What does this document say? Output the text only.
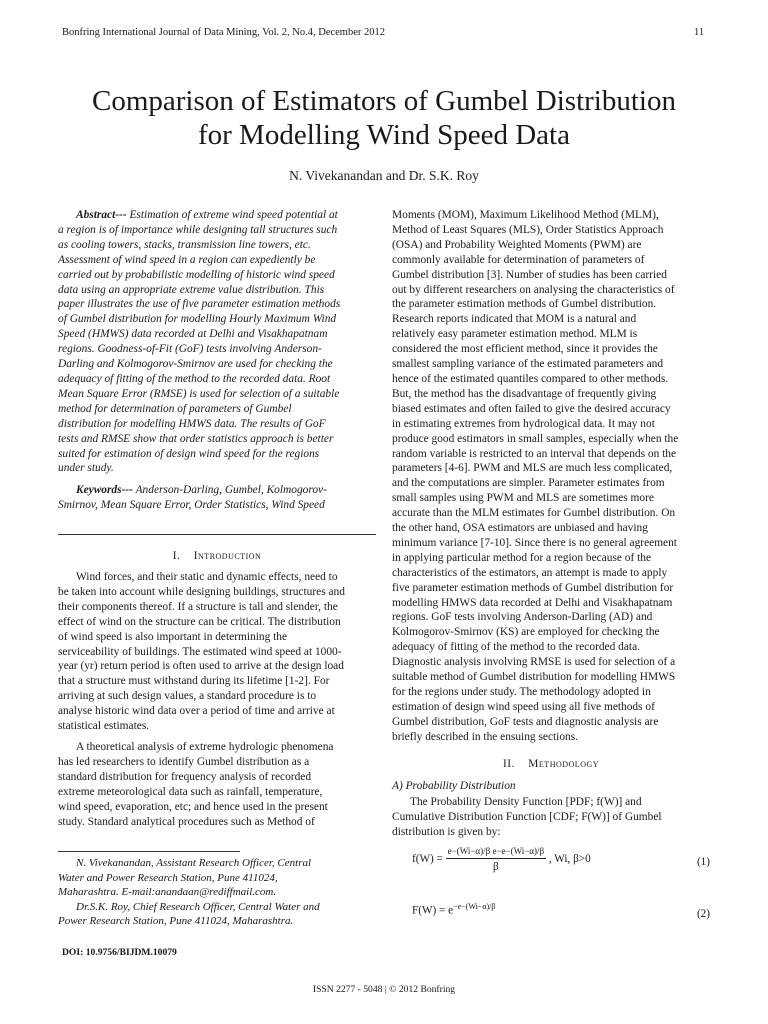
Bonfring International Journal of Data Mining, Vol. 2, No.4, December 2012	11
Comparison of Estimators of Gumbel Distribution
for Modelling Wind Speed Data
N. Vivekanandan and Dr. S.K. Roy
Abstract--- Estimation of extreme wind speed potential at
a region is of importance while designing tall structures such
as cooling towers, stacks, transmission line towers, etc.
Assessment of wind speed in a region can expediently be
carried out by probabilistic modelling of historic wind speed
data using an appropriate extreme value distribution. This
paper illustrates the use of five parameter estimation methods
of Gumbel distribution for modelling Hourly Maximum Wind
Speed (HMWS) data recorded at Delhi and Visakhapatnam
regions. Goodness-of-Fit (GoF) tests involving Anderson-
Darling and Kolmogorov-Smirnov are used for checking the
adequacy of fitting of the method to the recorded data. Root
Mean Square Error (RMSE) is used for selection of a suitable
method for determination of parameters of Gumbel
distribution for modelling HMWS data. The results of GoF
tests and RMSE show that order statistics approach is better
suited for estimation of design wind speed for the regions
under study.
Keywords--- Anderson-Darling, Gumbel, Kolmogorov-
Smirnov, Mean Square Error, Order Statistics, Wind Speed
I. Introduction
Wind forces, and their static and dynamic effects, need to
be taken into account while designing buildings, structures and
their components thereof. If a structure is tall and slender, the
effect of wind on the structure can be critical. The distribution
of wind speed is also important in determining the
serviceability of buildings. The estimated wind speed at 1000-
year (yr) return period is often used to arrive at the design load
that a structure must withstand during its lifetime [1-2]. For
arriving at such design values, a standard procedure is to
analyse historic wind data over a period of time and arrive at
statistical estimates.
A theoretical analysis of extreme hydrologic phenomena
has led researchers to identify Gumbel distribution as a
standard distribution for frequency analysis of recorded
extreme meteorological data such as rainfall, temperature,
wind speed, evaporation, etc; and hence used in the present
study. Standard analytical procedures such as Method of
N. Vivekanandan, Assistant Research Officer, Central
Water and Power Research Station, Pune 411024,
Maharashtra. E-mail:anandaan@rediffmail.com.
Dr.S.K. Roy, Chief Research Officer, Central Water and
Power Research Station, Pune 411024, Maharashtra.
DOI: 10.9756/BIJDM.10079
Moments (MOM), Maximum Likelihood Method (MLM),
Method of Least Squares (MLS), Order Statistics Approach
(OSA) and Probability Weighted Moments (PWM) are
commonly available for determination of parameters of
Gumbel distribution [3]. Number of studies has been carried
out by different researchers on analysing the characteristics of
the parameter estimation methods of Gumbel distribution.
Research reports indicated that MOM is a natural and
relatively easy parameter estimation method. MLM is
considered the most efficient method, since it provides the
smallest sampling variance of the estimated parameters and
hence of the estimated quantiles compared to other methods.
But, the method has the disadvantage of frequently giving
biased estimates and often failed to give the desired accuracy
in estimating extremes from hydrological data. It may not
produce good estimators in small samples, especially when the
random variable is restricted to an interval that depends on the
parameters [4-6]. PWM and MLS are much less complicated,
and the computations are simpler. Parameter estimates from
small samples using PWM and MLS are sometimes more
accurate than the MLM estimates for Gumbel distribution. On
the other hand, OSA estimators are unbiased and having
minimum variance [7-10]. Since there is no general agreement
in applying particular method for a region because of the
characteristics of the estimators, an attempt is made to apply
five parameter estimation methods of Gumbel distribution for
modelling HMWS data recorded at Delhi and Visakhapatnam
regions. GoF tests involving Anderson-Darling (AD) and
Kolmogorov-Smirnov (KS) are employed for checking the
adequacy of fitting of the method to the recorded data.
Diagnostic analysis involving RMSE is used for selection of a
suitable method of Gumbel distribution for modelling HMWS
for the regions under study. The methodology adopted in
estimation of design wind speed using all five methods of
Gumbel distribution, GoF tests and diagnostic analysis are
briefly described in the ensuing sections.
II. Methodology
A) Probability Distribution
The Probability Density Function [PDF; f(W)] and
Cumulative Distribution Function [CDF; F(W)] of Gumbel
distribution is given by:
$f(W) = \frac{\text{e−(Wi−α)/β e−e−(Wi−α)/β}}{\beta}$ , Wi, β>0	(1)
$F(W) = e^{-e-(Wi-\alpha)/\beta}$
(2)
ISSN 2277 - 5048 | © 2012 Bonfring
